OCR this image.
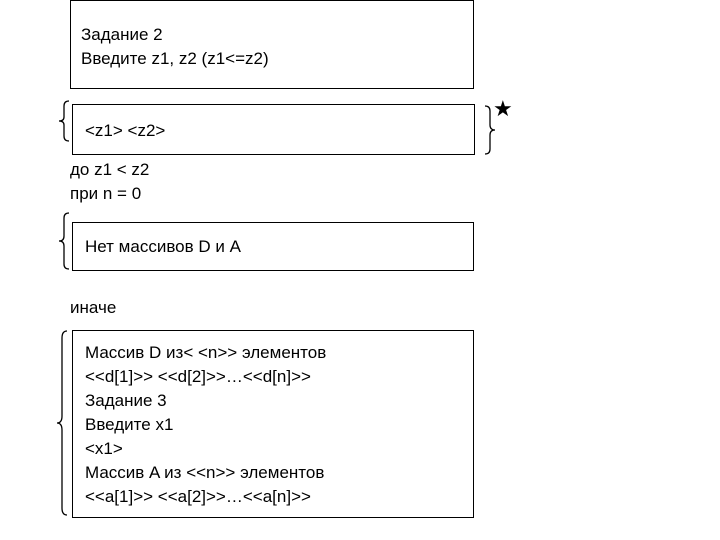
Задание 2
Введите z1, z2 (z1<=z2)
<z1> <z2>
★
до z1 < z2
при n = 0
Нет массивов D и A
иначе
Массив D из< <n>> элементов
<<d[1]>> <<d[2]>>…<<d[n]>>
Задание 3
Введите x1
<x1>
Массив A из <<n>> элементов
<<a[1]>> <<a[2]>>…<<a[n]>>
